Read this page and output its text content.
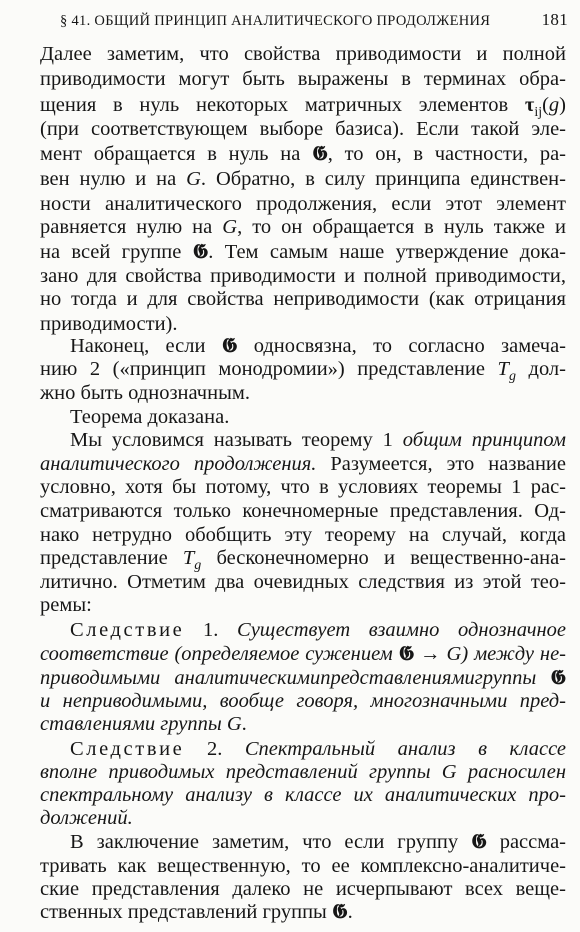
§ 41. ОБЩИЙ ПРИНЦИП АНАЛИТИЧЕСКОГО ПРОДОЛЖЕНИЯ	181
Далее заметим, что свойства приводимости и полной
приводимости могут быть выражены в терминах обра-
щения в нуль некоторых матричных элементов $\tau_{ij}(g)$
(при соответствующем выборе базиса). Если такой эле-
мент обращается в нуль на 𝕲, то он, в частности, ра-
вен нулю и на G. Обратно, в силу принципа единствен-
ности аналитического продолжения, если этот элемент
равняется нулю на G, то он обращается в нуль также и
на всей группе 𝕲. Тем самым наше утверждение дока-
зано для свойства приводимости и полной приводимости,
но тогда и для свойства неприводимости (как отрицания
приводимости).
Наконец, если 𝕲 односвязна, то согласно замеча-
нию 2 («принцип монодромии») представление $T_g$ дол-
жно быть однозначным.
Теорема доказана.
Мы условимся называть теорему 1 общим принципом
аналитического продолжения. Разумеется, это название
условно, хотя бы потому, что в условиях теоремы 1 рас-
сматриваются только конечномерные представления. Од-
нако нетрудно обобщить эту теорему на случай, когда
представление $T_g$ бесконечномерно и вещественно-ана-
литично. Отметим два очевидных следствия из этой тео-
ремы:
Следствие 1. Существует взаимно однозначное
соответствие (определяемое сужением 𝕲 → G) между не-
приводимыми аналитическимипредставлениямигруппы 𝕲
и неприводимыми, вообще говоря, многозначными пред-
ставлениями группы G.
Следствие 2. Спектральный анализ в классе
вполне приводимых представлений группы G расносилен
спектральному анализу в классе их аналитических про-
должений.
В заключение заметим, что если группу 𝕲 рассма-
тривать как вещественную, то ее комплексно-аналитиче-
ские представления далеко не исчерпывают всех веще-
ственных представлений группы 𝕲.
